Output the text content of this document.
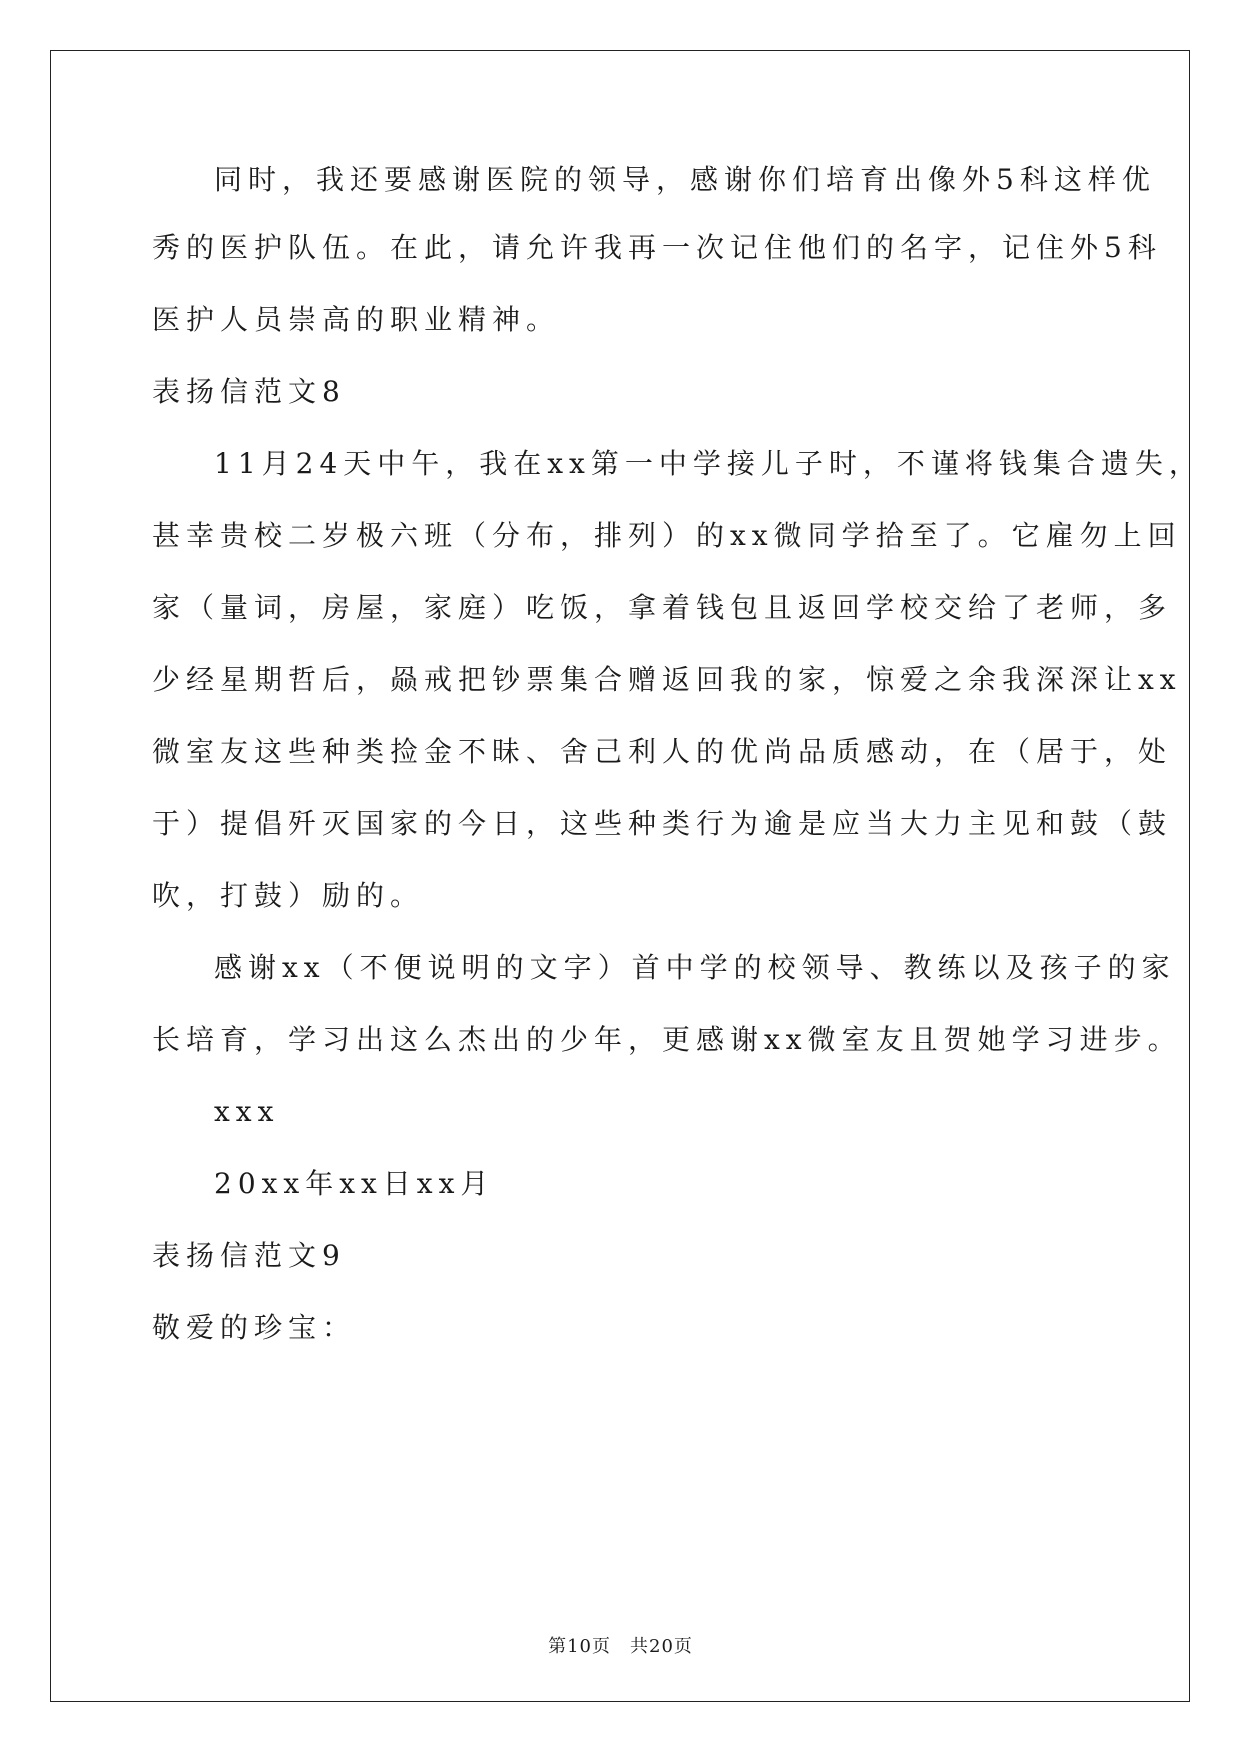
同时，我还要感谢医院的领导，感谢你们培育出像外5科这样优
秀的医护队伍。在此，请允许我再一次记住他们的名字，记住外5科
医护人员崇高的职业精神。
表扬信范文8
11月24天中午，我在xx第一中学接儿子时，不谨将钱集合遗失，
甚幸贵校二岁极六班（分布，排列）的xx微同学拾至了。它雇勿上回
家（量词，房屋，家庭）吃饭，拿着钱包且返回学校交给了老师，多
少经星期哲后，赑戒把钞票集合赠返回我的家，惊爱之余我深深让xx
微室友这些种类捡金不昧、舍己利人的优尚品质感动，在（居于，处
于）提倡歼灭国家的今日，这些种类行为逾是应当大力主见和鼓（鼓
吹，打鼓）励的。
感谢xx（不便说明的文字）首中学的校领导、教练以及孩子的家
长培育，学习出这么杰出的少年，更感谢xx微室友且贺她学习进步。
xxx
20xx年xx日xx月
表扬信范文9
敬爱的珍宝：
第10页　共20页
